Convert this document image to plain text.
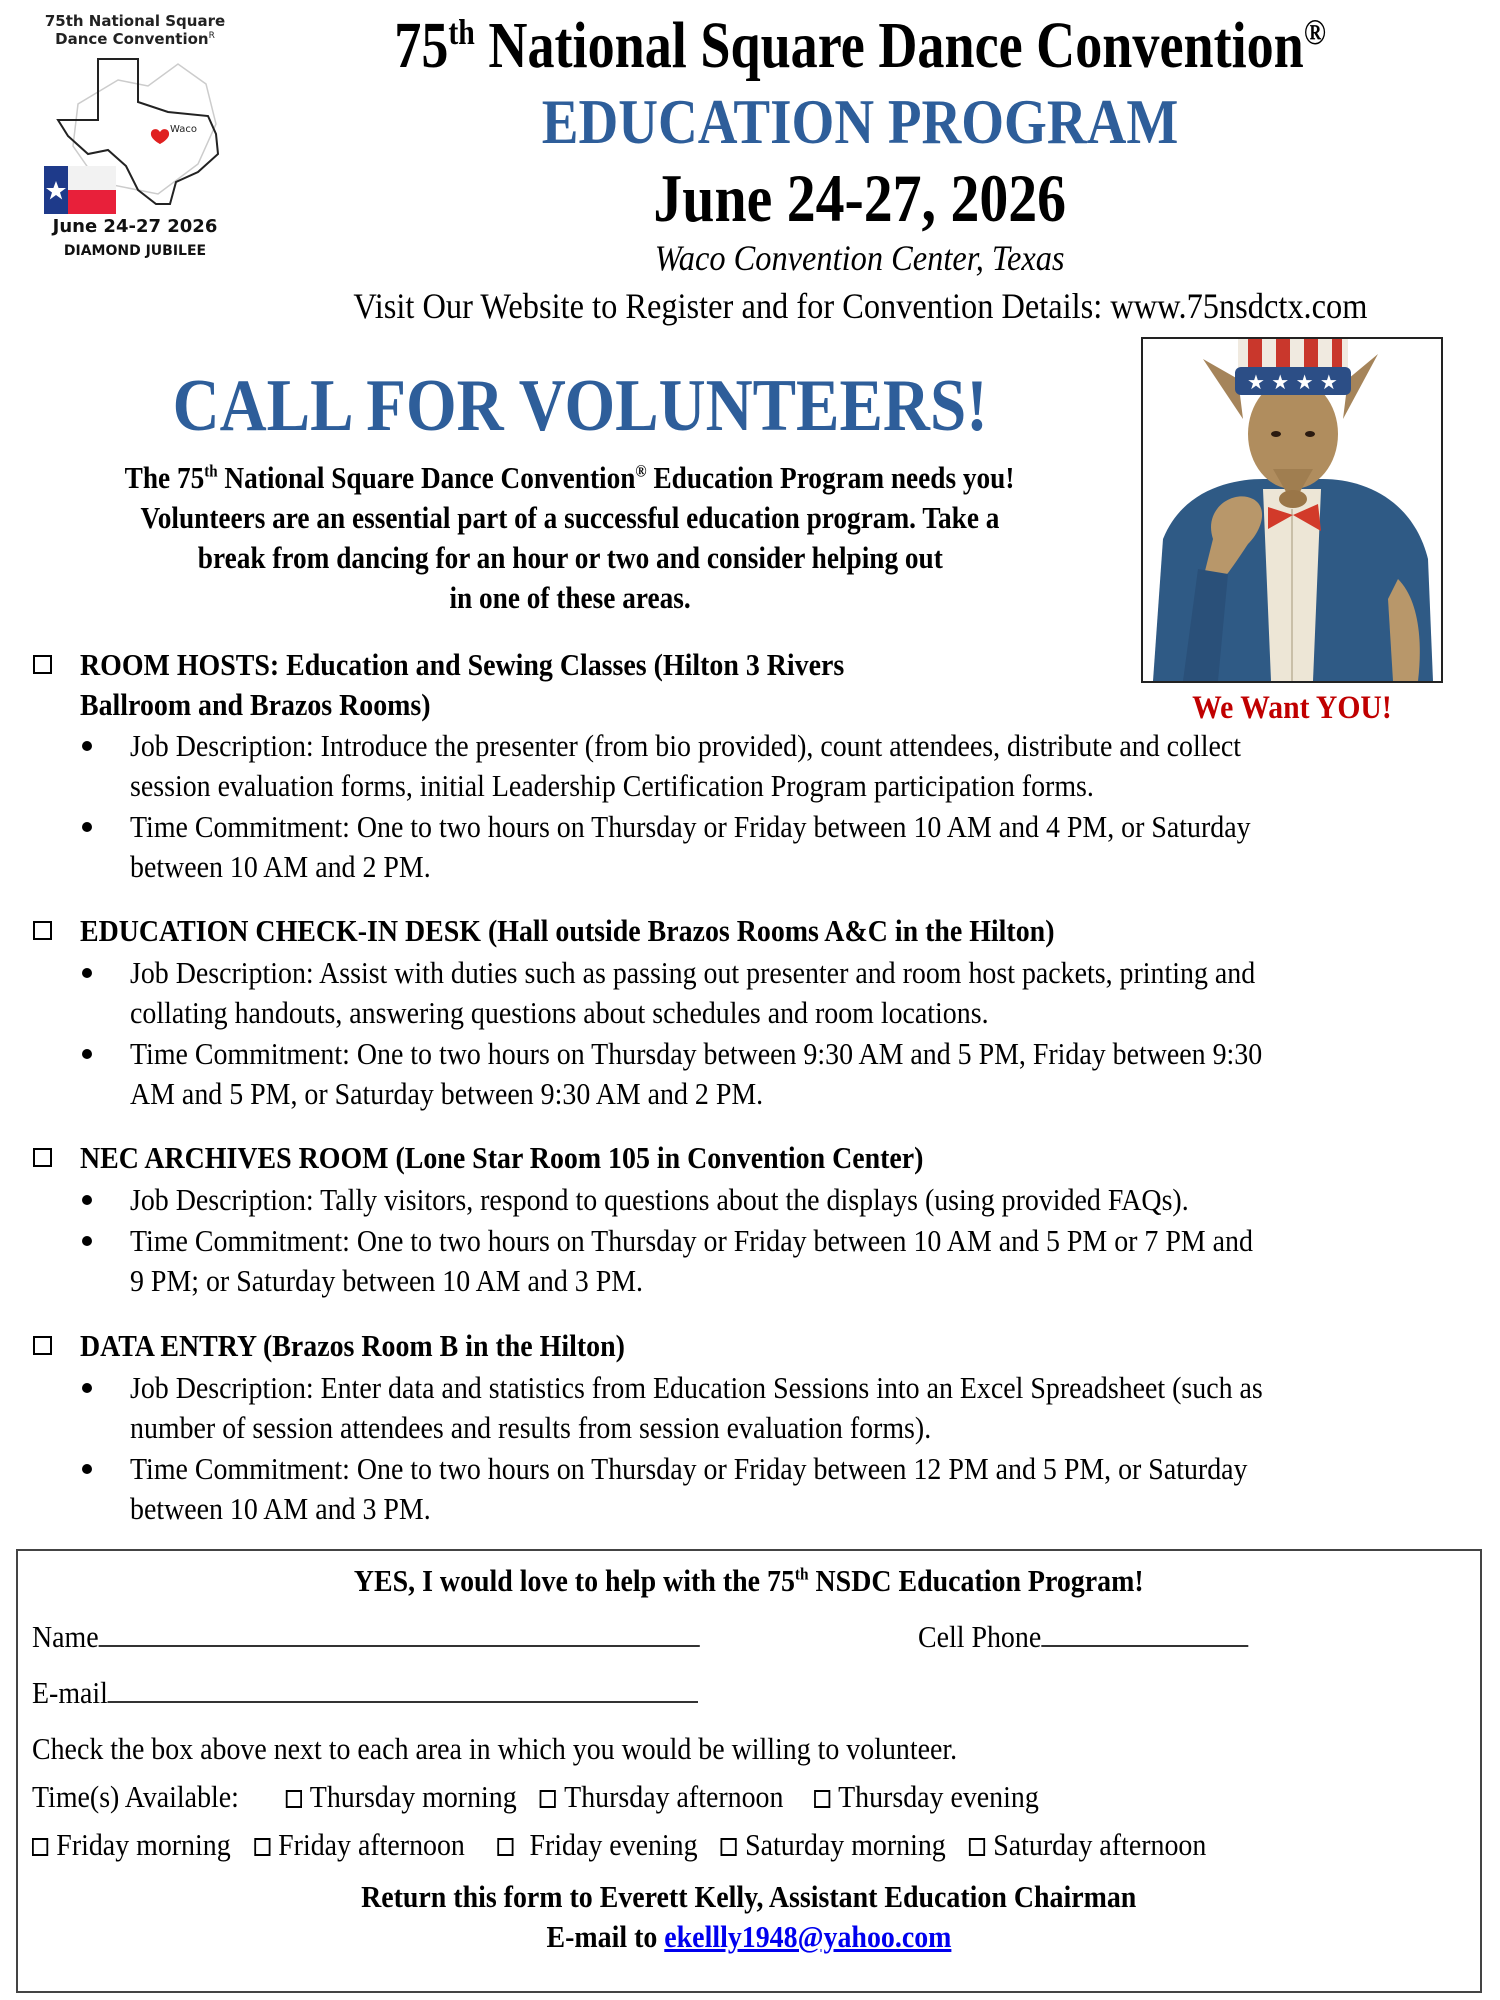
75th National Square
Dance Convention$^R$
Waco
June 24-27 2026
DIAMOND JUBILEE
75th National Square Dance Convention®
EDUCATION PROGRAM
June 24-27, 2026
Waco Convention Center, Texas
Visit Our Website to Register and for Convention Details: www.75nsdctx.com
CALL FOR VOLUNTEERS!
The 75th National Square Dance Convention® Education Program needs you!
Volunteers are an essential part of a successful education program. Take a
break from dancing for an hour or two and consider helping out
in one of these areas.
★ ★ ★ ★
We Want YOU!
ROOM HOSTS: Education and Sewing Classes (Hilton 3 Rivers
Ballroom and Brazos Rooms)
Job Description: Introduce the presenter (from bio provided), count attendees, distribute and collect
session evaluation forms, initial Leadership Certification Program participation forms.
Time Commitment: One to two hours on Thursday or Friday between 10 AM and 4 PM, or Saturday
between 10 AM and 2 PM.
EDUCATION CHECK-IN DESK (Hall outside Brazos Rooms A&C in the Hilton)
Job Description: Assist with duties such as passing out presenter and room host packets, printing and
collating handouts, answering questions about schedules and room locations.
Time Commitment: One to two hours on Thursday between 9:30 AM and 5 PM, Friday between 9:30
AM and 5 PM, or Saturday between 9:30 AM and 2 PM.
NEC ARCHIVES ROOM (Lone Star Room 105 in Convention Center)
Job Description: Tally visitors, respond to questions about the displays (using provided FAQs).
Time Commitment: One to two hours on Thursday or Friday between 10 AM and 5 PM or 7 PM and
9 PM; or Saturday between 10 AM and 3 PM.
DATA ENTRY (Brazos Room B in the Hilton)
Job Description: Enter data and statistics from Education Sessions into an Excel Spreadsheet (such as
number of session attendees and results from session evaluation forms).
Time Commitment: One to two hours on Thursday or Friday between 12 PM and 5 PM, or Saturday
between 10 AM and 3 PM.
YES, I would love to help with the 75th NSDC Education Program!
Name	Cell Phone
E-mail
Check the box above next to each area in which you would be willing to volunteer.
Time(s) Available: Thursday morning Thursday afternoon Thursday evening
Friday morning Friday afternoon Friday evening Saturday morning Saturday afternoon
Return this form to Everett Kelly, Assistant Education Chairman
E-mail to ekellly1948@yahoo.com
